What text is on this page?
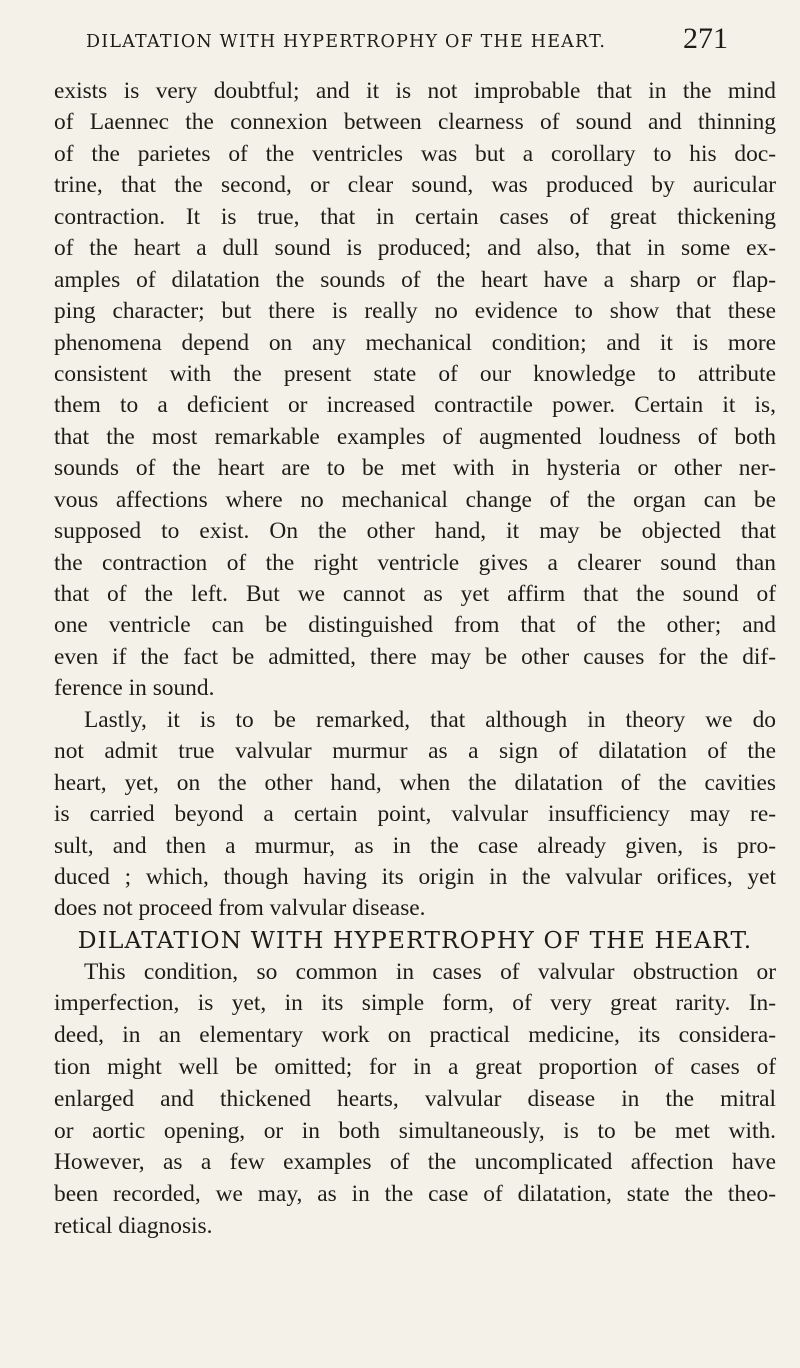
DILATATION WITH HYPERTROPHY OF THE HEART.	271
exists is very doubtful; and it is not improbable that in the mind
of Laennec the connexion between clearness of sound and thinning
of the parietes of the ventricles was but a corollary to his doc-
trine, that the second, or clear sound, was produced by auricular
contraction. It is true, that in certain cases of great thickening
of the heart a dull sound is produced; and also, that in some ex-
amples of dilatation the sounds of the heart have a sharp or flap-
ping character; but there is really no evidence to show that these
phenomena depend on any mechanical condition; and it is more
consistent with the present state of our knowledge to attribute
them to a deficient or increased contractile power. Certain it is,
that the most remarkable examples of augmented loudness of both
sounds of the heart are to be met with in hysteria or other ner-
vous affections where no mechanical change of the organ can be
supposed to exist. On the other hand, it may be objected that
the contraction of the right ventricle gives a clearer sound than
that of the left. But we cannot as yet affirm that the sound of
one ventricle can be distinguished from that of the other; and
even if the fact be admitted, there may be other causes for the dif-
ference in sound.
Lastly, it is to be remarked, that although in theory we do
not admit true valvular murmur as a sign of dilatation of the
heart, yet, on the other hand, when the dilatation of the cavities
is carried beyond a certain point, valvular insufficiency may re-
sult, and then a murmur, as in the case already given, is pro-
duced ; which, though having its origin in the valvular orifices, yet
does not proceed from valvular disease.
DILATATION WITH HYPERTROPHY OF THE HEART.
This condition, so common in cases of valvular obstruction or
imperfection, is yet, in its simple form, of very great rarity. In-
deed, in an elementary work on practical medicine, its considera-
tion might well be omitted; for in a great proportion of cases of
enlarged and thickened hearts, valvular disease in the mitral
or aortic opening, or in both simultaneously, is to be met with.
However, as a few examples of the uncomplicated affection have
been recorded, we may, as in the case of dilatation, state the theo-
retical diagnosis.
